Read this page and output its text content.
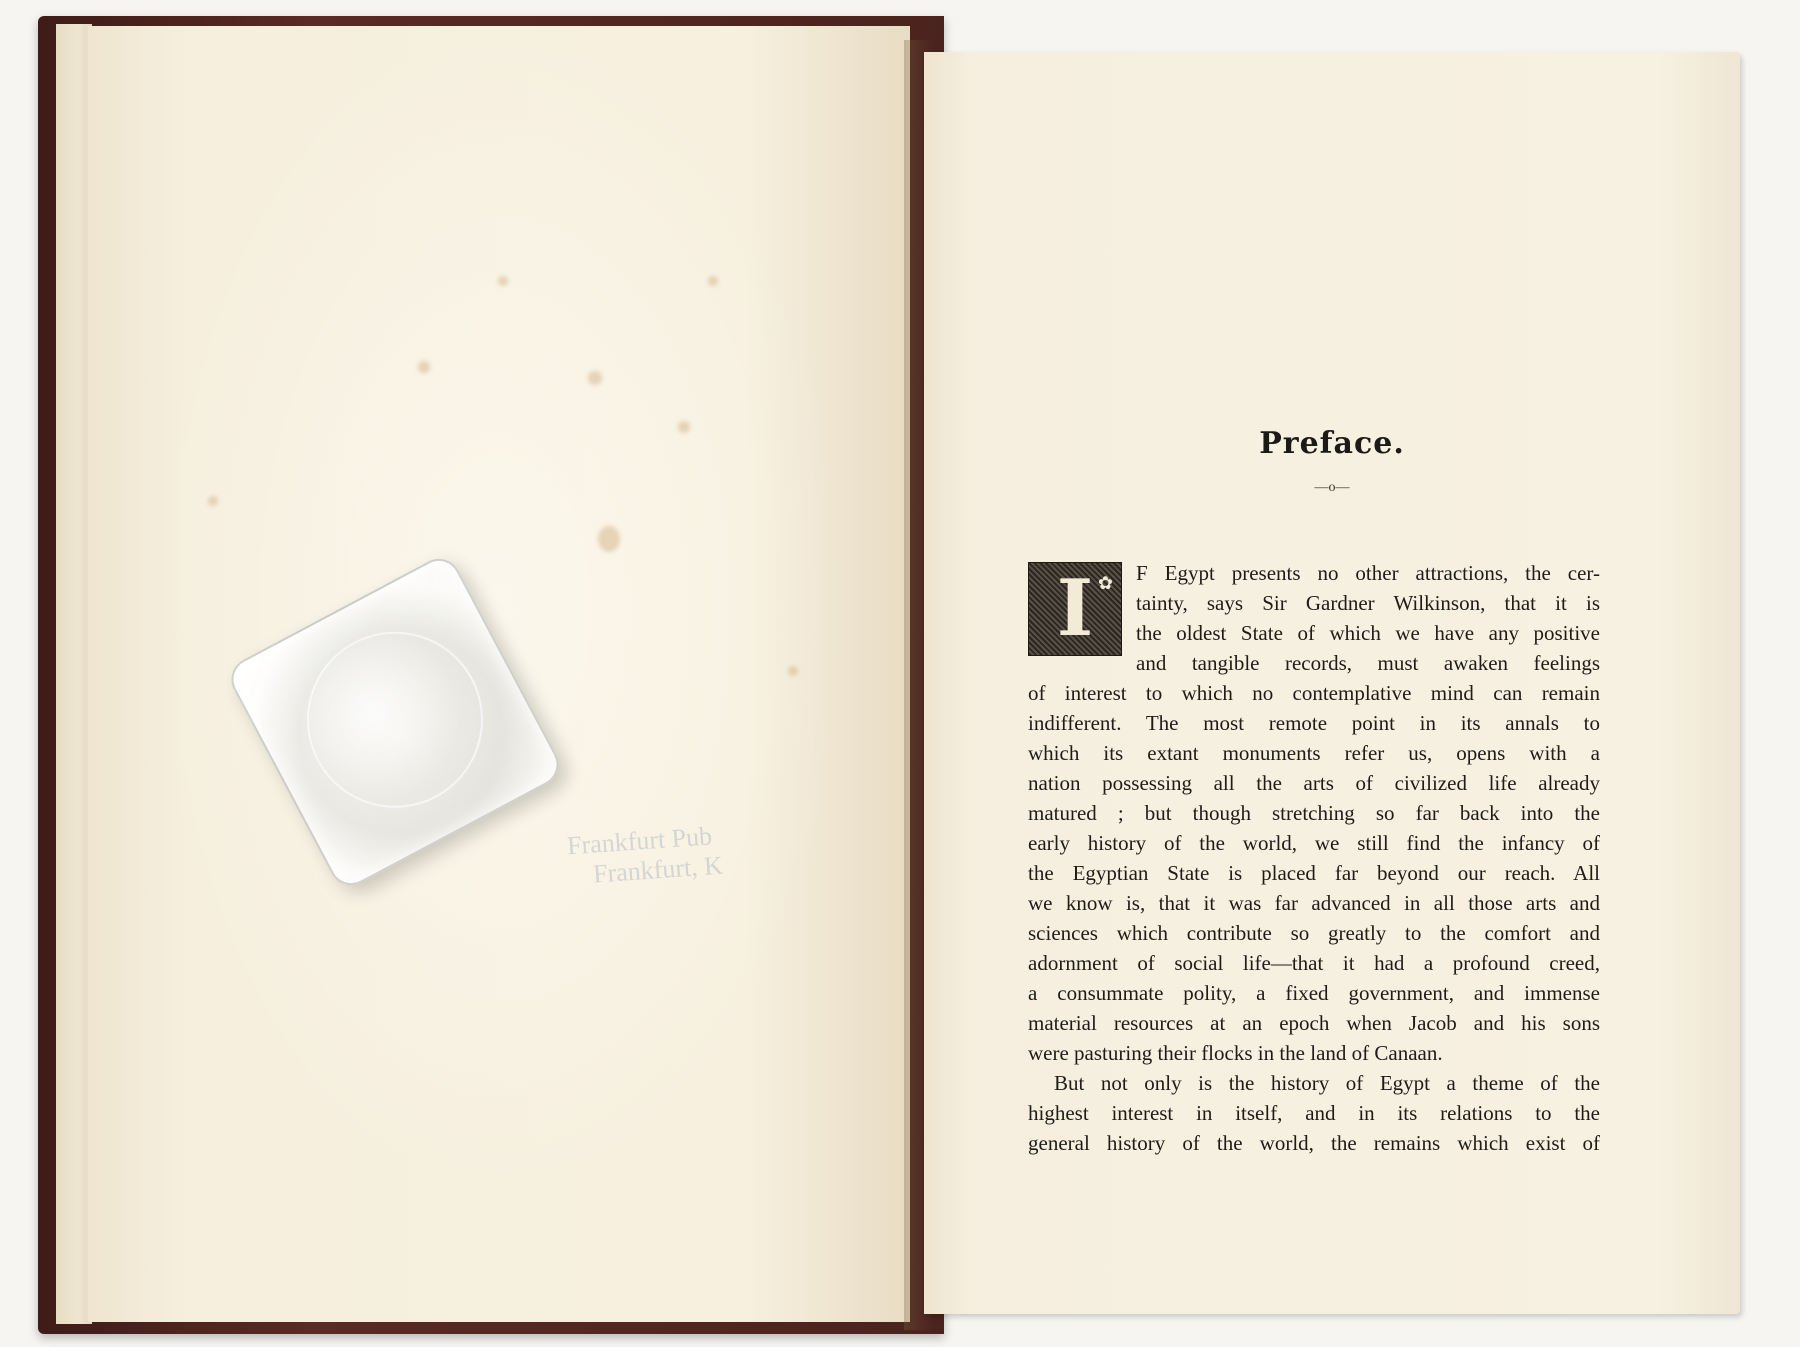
Frankfurt Pub
Frankfurt, K
Preface.
—o—
I ✿ F Egypt presents no other attractions, the cer-
tainty, says Sir Gardner Wilkinson, that it is
the oldest State of which we have any positive
and tangible records, must awaken feelings
of interest to which no contemplative mind can remain
indifferent. The most remote point in its annals to
which its extant monuments refer us, opens with a
nation possessing all the arts of civilized life already
matured ; but though stretching so far back into the
early history of the world, we still find the infancy of
the Egyptian State is placed far beyond our reach. All
we know is, that it was far advanced in all those arts and
sciences which contribute so greatly to the comfort and
adornment of social life—that it had a profound creed,
a consummate polity, a fixed government, and immense
material resources at an epoch when Jacob and his sons
were pasturing their flocks in the land of Canaan.
But not only is the history of Egypt a theme of the
highest interest in itself, and in its relations to the
general history of the world, the remains which exist of
